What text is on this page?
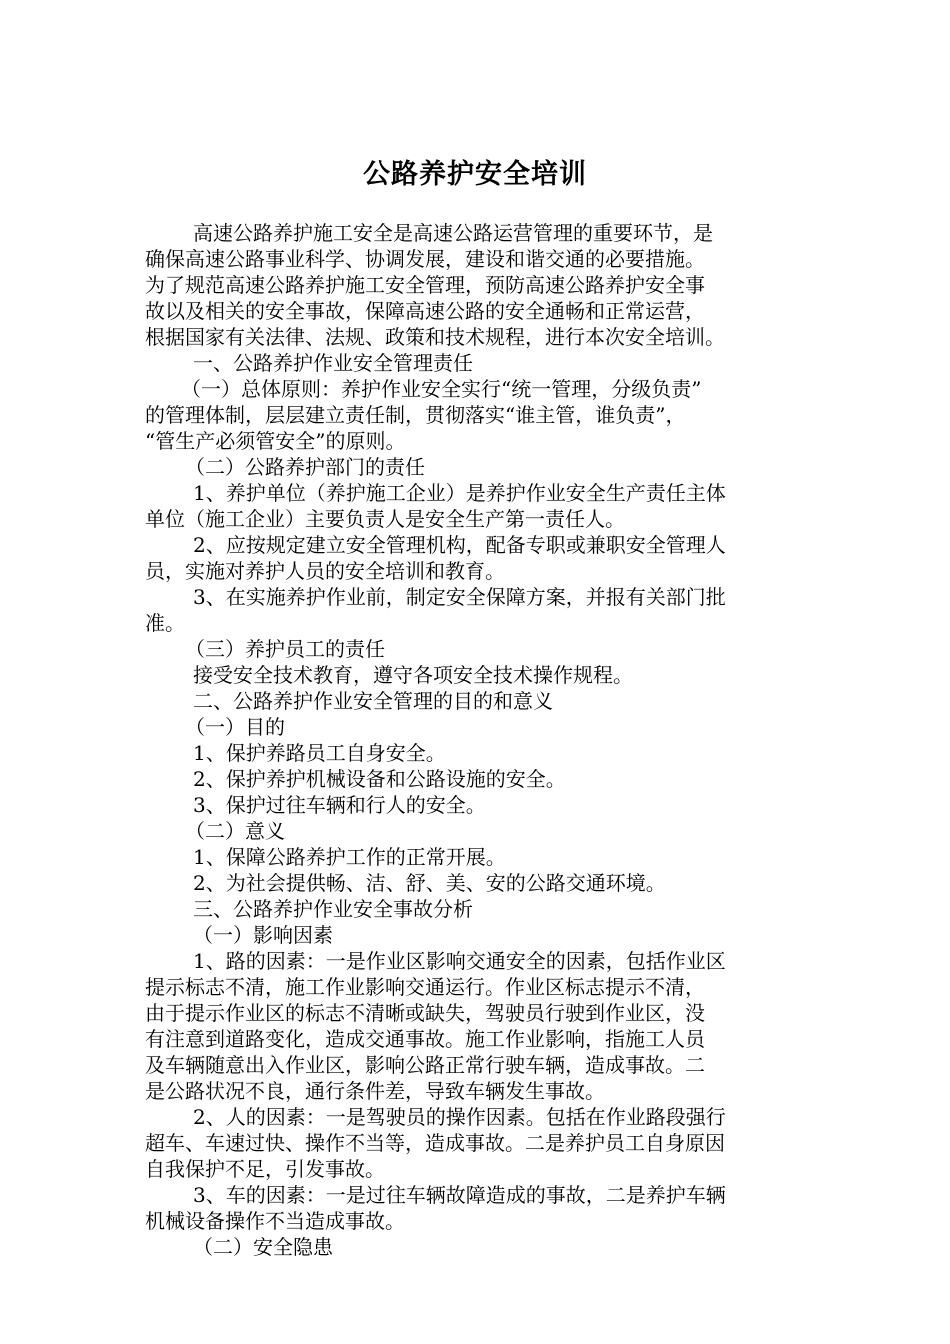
公路养护安全培训
高速公路养护施工安全是高速公路运营管理的重要环节，是
确保高速公路事业科学、协调发展，建设和谐交通的必要措施。
为了规范高速公路养护施工安全管理，预防高速公路养护安全事
故以及相关的安全事故，保障高速公路的安全通畅和正常运营，
根据国家有关法律、法规、政策和技术规程，进行本次安全培训。
一、公路养护作业安全管理责任
（一）总体原则：养护作业安全实行“统一管理，分级负责”
的管理体制，层层建立责任制，贯彻落实“谁主管，谁负责”，
“管生产必须管安全”的原则。
（二）公路养护部门的责任
1、养护单位（养护施工企业）是养护作业安全生产责任主体
单位（施工企业）主要负责人是安全生产第一责任人。
2、应按规定建立安全管理机构，配备专职或兼职安全管理人
员，实施对养护人员的安全培训和教育。
3、在实施养护作业前，制定安全保障方案，并报有关部门批
准。
（三）养护员工的责任
接受安全技术教育，遵守各项安全技术操作规程。
二、公路养护作业安全管理的目的和意义
（一）目的
1、保护养路员工自身安全。
2、保护养护机械设备和公路设施的安全。
3、保护过往车辆和行人的安全。
（二）意义
1、保障公路养护工作的正常开展。
2、为社会提供畅、洁、舒、美、安的公路交通环境。
三、公路养护作业安全事故分析
（一）影响因素
1、路的因素：一是作业区影响交通安全的因素，包括作业区
提示标志不清，施工作业影响交通运行。作业区标志提示不清，
由于提示作业区的标志不清晰或缺失，驾驶员行驶到作业区，没
有注意到道路变化，造成交通事故。施工作业影响，指施工人员
及车辆随意出入作业区，影响公路正常行驶车辆，造成事故。二
是公路状况不良，通行条件差，导致车辆发生事故。
2、人的因素：一是驾驶员的操作因素。包括在作业路段强行
超车、车速过快、操作不当等，造成事故。二是养护员工自身原因
自我保护不足，引发事故。
3、车的因素：一是过往车辆故障造成的事故，二是养护车辆
机械设备操作不当造成事故。
（二）安全隐患
